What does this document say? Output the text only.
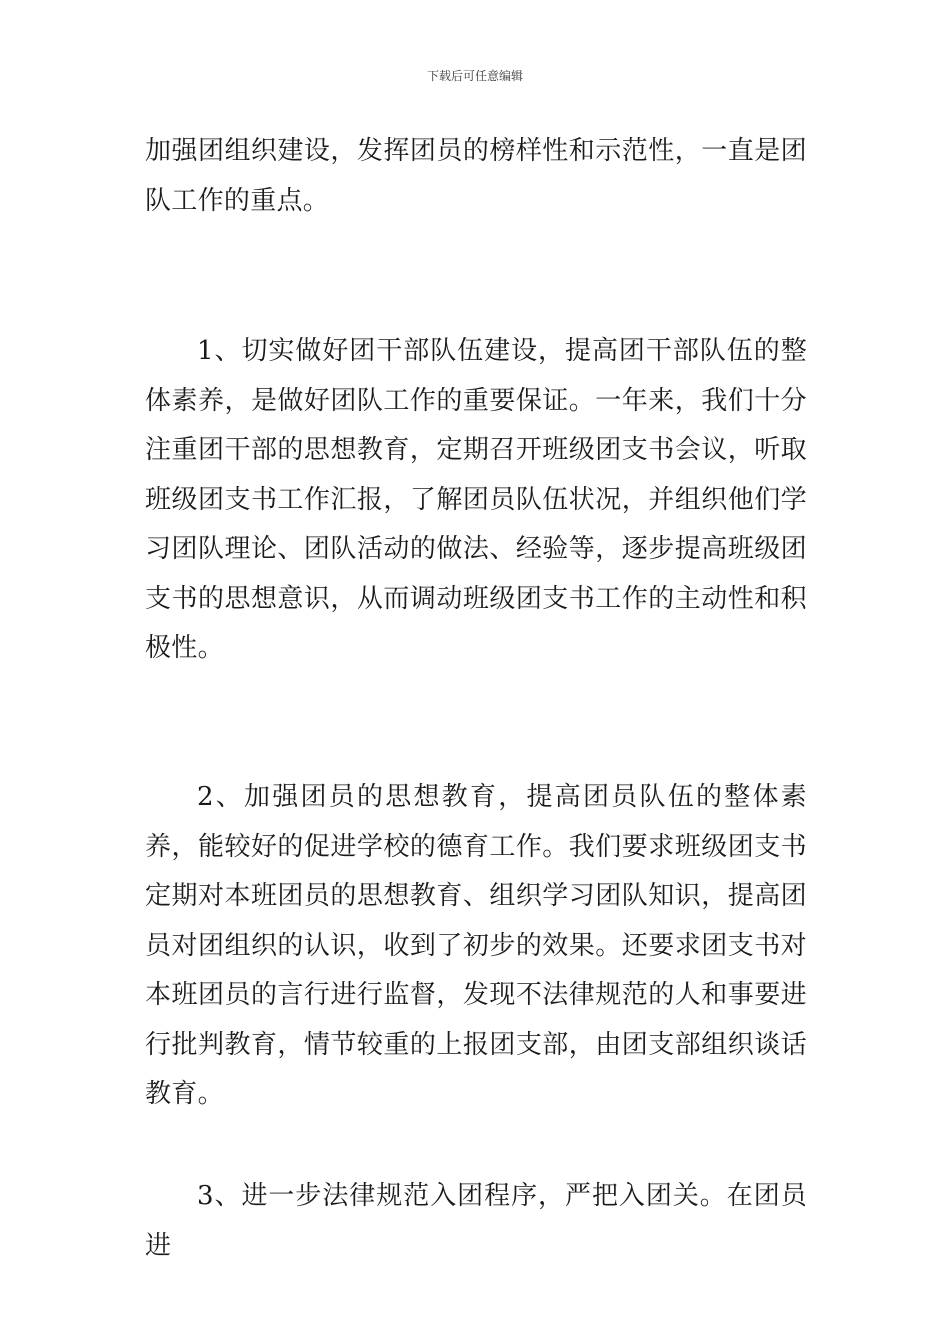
下载后可任意编辑

加强团组织建设，发挥团员的榜样性和示范性，一直是团队工作的重点。

1、切实做好团干部队伍建设，提高团干部队伍的整体素养，是做好团队工作的重要保证。一年来，我们十分注重团干部的思想教育，定期召开班级团支书会议，听取班级团支书工作汇报，了解团员队伍状况，并组织他们学习团队理论、团队活动的做法、经验等，逐步提高班级团支书的思想意识，从而调动班级团支书工作的主动性和积极性。

2、加强团员的思想教育，提高团员队伍的整体素养，能较好的促进学校的德育工作。我们要求班级团支书定期对本班团员的思想教育、组织学习团队知识，提高团员对团组织的认识，收到了初步的效果。还要求团支书对本班团员的言行进行监督，发现不法律规范的人和事要进行批判教育，情节较重的上报团支部，由团支部组织谈话教育。

3、进一步法律规范入团程序，严把入团关。在团员进
